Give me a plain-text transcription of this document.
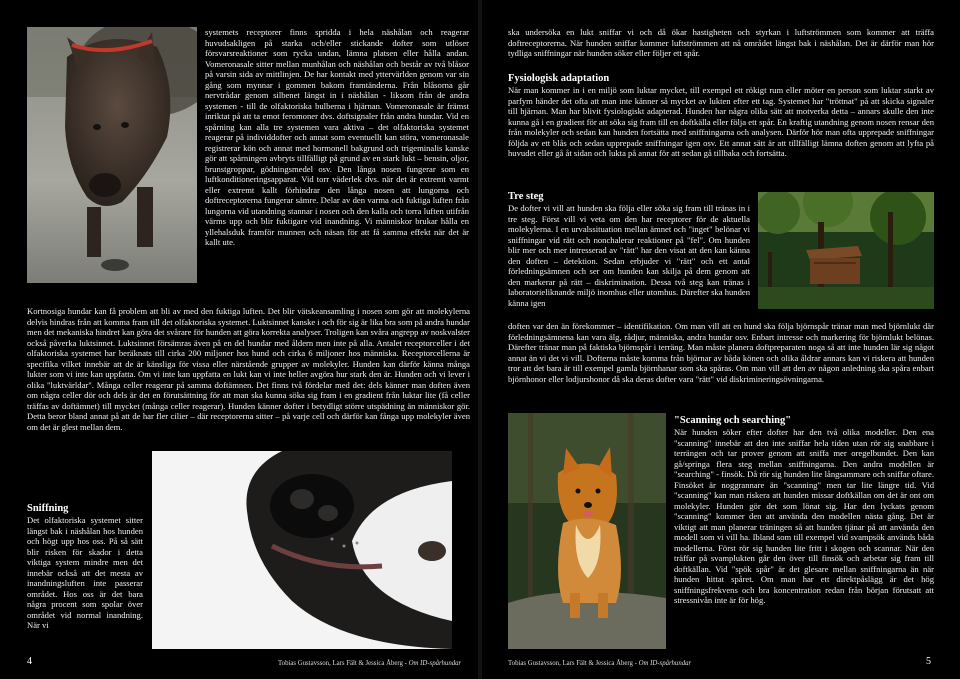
systemets receptorer finns spridda i hela näshålan och reagerar huvudsakligen på starka och/eller stickande dofter som utlöser försvarsreaktioner som rycka undan, lämna platsen eller hålla andan. Vomeronasale sitter mellan munhålan och näshålan och består av två blåsor på varsin sida av mittlinjen. De har kontakt med yttervärlden genom var sin gång som mynnar i gommen bakom framtänderna. Från blåsorna går nervtrådar genom silbenet längst in i näshålan - liksom från de andra systemen - till de olfaktoriska bulberna i hjärnan. Vomeronasale är främst inriktat på att ta emot feromoner dvs. doftsignaler från andra hundar. Vid en spårning kan alla tre systemen vara aktiva – det olfaktoriska systemet reagerar på individdofter och annat som eventuellt kan störa, vomeronasale registrerar kön och annat med hormonell bakgrund och trigeminalis kanske gör att spårningen avbryts tillfälligt på grund av en stark lukt – bensin, oljor, brunstgroppar, gödningsmedel osv. Den långa nosen fungerar som en luftkonditioneringsapparat. Vid torr väderlek dvs. när det är extremt varmt eller extremt kallt förhindrar den långa nosen att lungorna och doftreceptorerna fungerar sämre. Delar av den varma och fuktiga luften från lungorna vid utandning stannar i nosen och den kalla och torra luften utifrån värms upp och blir fuktigare vid inandning. Vi människor brukar hålla en yllehalsduk framför munnen och näsan för att få samma effekt när det är kallt ute.

Kortnosiga hundar kan få problem att bli av med den fuktiga luften. Det blir vätskeansamling i nosen som gör att molekylerna delvis hindras från att komma fram till det olfaktoriska systemet. Luktsinnet kanske i och för sig är lika bra som på andra hundar men det mekaniska hindret kan göra det svårare för hunden att göra korrekta analyser. Troligen kan svåra angrepp av noskvalster också påverka luktsinnet. Luktsinnet försämras även på en del hundar med åldern men inte på alla. Antalet receptorceller i det olfaktoriska systemet har beräknats till cirka 200 miljoner hos hund och cirka 6 miljoner hos människa. Receptorcellerna är specifika vilket innebär att de är känsliga för vissa eller närstående grupper av molekyler. Hunden kan därför känna många lukter som vi inte kan uppfatta. Om vi inte kan uppfatta en lukt kan vi inte heller avgöra hur stark den är. Hunden och vi lever i olika "luktvärldar". Många celler reagerar på samma doftämnen. Det finns två fördelar med det: dels känner man doften även om några celler dör och dels är det en förutsättning för att man ska kunna söka sig fram i en gradient från luktar lite (få celler träffas av doftämnet) till mycket (många celler reagerar). Hunden känner dofter i betydligt större utspädning än människor gör. Detta beror bland annat på att de har fler cilier – där receptorerna sitter – på varje cell och därför kan fånga upp molekyler även om det är glest mellan dem.

Sniffning

Det olfaktoriska systemet sitter längst bak i näshålan hos hunden och högt upp hos oss. På så sätt blir risken för skador i detta viktiga system mindre men det innebär också att det mesta av inandningsluften inte passerar området. Hos oss är det bara några procent som spolar över området vid normal inandning. När vi

4	Tobias Gustavsson, Lars Fält & Jessica Åberg - Om ID-spårhundar

ska undersöka en lukt sniffar vi och då ökar hastigheten och styrkan i luftströmmen som kommer att träffa doftreceptorerna. När hunden sniffar kommer luftströmmen att nå området längst bak i näshålan. Det är därför man hör tydliga sniffningar när hunden söker eller följer ett spår.

Fysiologisk adaptation

När man kommer in i en miljö som luktar mycket, till exempel ett rökigt rum eller möter en person som luktar starkt av parfym händer det ofta att man inte känner så mycket av lukten efter ett tag. Systemet har "tröttnat" på att skicka signaler till hjärnan. Man har blivit fysiologiskt adapterad. Hunden har några olika sätt att motverka detta – annars skulle den inte kunna gå i en gradient för att söka sig fram till en doftkälla eller följa ett spår. En kraftig utandning genom nosen rensar den från molekyler och sedan kan hunden fortsätta med sniffningarna och analysen. Därför hör man ofta upprepade sniffningar följda av ett blås och sedan upprepade sniffningar igen osv. Ett annat sätt är att tillfälligt lämna doften genom att lyfta på huvudet eller gå åt sidan och lukta på annat för att sedan gå tillbaka och fortsätta.

Tre steg

De dofter vi vill att hunden ska följa eller söka sig fram till tränas in i tre steg. Först vill vi veta om den har receptorer för de aktuella molekylerna. I en urvalssituation mellan ämnet och "inget" belönar vi sniffningar vid rätt och nonchalerar reaktioner på "fel". Om hunden blir mer och mer intresserad av "rätt" har den visat att den kan känna den doften – detektion. Sedan erbjuder vi "rätt" och ett antal förledningsämnen och ser om hunden kan skilja på dem genom att den markerar på rätt – diskrimination. Dessa två steg kan tränas i laboratorieliknande miljö inomhus eller utomhus. Därefter ska hunden känna igen

doften var den än förekommer – identifikation. Om man vill att en hund ska följa björnspår tränar man med björnlukt där förledningsämnena kan vara älg, rådjur, människa, andra hundar osv. Enbart intresse och markering för björnlukt belönas. Därefter tränar man på faktiska björnspår i terräng. Man måste planera doftpreparaten noga så att inte hunden lär sig något annat än vi det vi vill. Dofterna måste komma från björnar av båda könen och olika åldrar annars kan vi riskera att hunden tror att det bara är till exempel gamla björnhanar som ska spåras. Om man vill att den av någon anledning ska spåra enbart björnhonor eller lodjurshonor då ska deras dofter vara "rätt" vid diskrimineringsövningarna.

"Scanning och searching"

När hunden söker efter dofter har den två olika modeller. Den ena "scanning" innebär att den inte sniffar hela tiden utan rör sig snabbare i terrängen och tar prover genom att sniffa mer oregelbundet. Den kan gå/springa flera steg mellan sniffningarna. Den andra modellen är "searching" - finsök. Då rör sig hunden lite långsammare och sniffar oftare. Finsöket är noggrannare än "scanning" men tar lite längre tid. Vid "scanning" kan man riskera att hunden missar doftkällan om det är ont om molekyler. Hunden gör det som lönat sig. Har den lyckats genom "scanning" kommer den att använda den modellen nästa gång. Det är viktigt att man planerar träningen så att hunden tjänar på att använda den modell som vi vill ha. Ibland som till exempel vid svampsök används båda modellerna. Först rör sig hunden lite fritt i skogen och scannar. När den träffar på svamplukten går den över till finsök och arbetar sig fram till doftkällan. Vid "spök spår" är det glesare mellan sniffningarna än när hunden hittat spåret. Om man har ett direktpåslägg är det hög sniffningsfrekvens och bra koncentration redan från början förutsatt att stressnivån inte är för hög.

Tobias Gustavsson, Lars Fält & Jessica Åberg - Om ID-spårhundar	5
